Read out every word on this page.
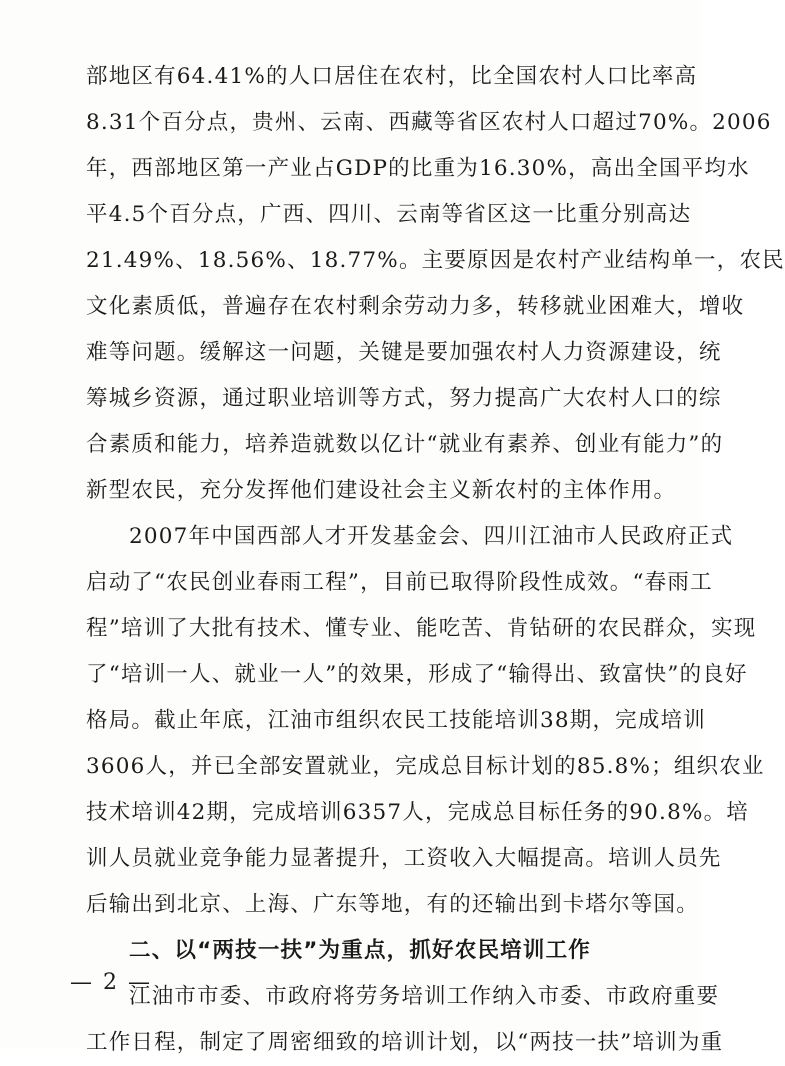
部地区有64.41%的人口居住在农村，比全国农村人口比率高
8.31个百分点，贵州、云南、西藏等省区农村人口超过70%。2006
年，西部地区第一产业占GDP的比重为16.30%，高出全国平均水
平4.5个百分点，广西、四川、云南等省区这一比重分别高达
21.49%、18.56%、18.77%。主要原因是农村产业结构单一，农民
文化素质低，普遍存在农村剩余劳动力多，转移就业困难大，增收
难等问题。缓解这一问题，关键是要加强农村人力资源建设，统
筹城乡资源，通过职业培训等方式，努力提高广大农村人口的综
合素质和能力，培养造就数以亿计“就业有素养、创业有能力”的
新型农民，充分发挥他们建设社会主义新农村的主体作用。
2007年中国西部人才开发基金会、四川江油市人民政府正式
启动了“农民创业春雨工程”，目前已取得阶段性成效。“春雨工
程”培训了大批有技术、懂专业、能吃苦、肯钻研的农民群众，实现
了“培训一人、就业一人”的效果，形成了“输得出、致富快”的良好
格局。截止年底，江油市组织农民工技能培训38期，完成培训
3606人，并已全部安置就业，完成总目标计划的85.8%；组织农业
技术培训42期，完成培训6357人，完成总目标任务的90.8%。培
训人员就业竞争能力显著提升，工资收入大幅提高。培训人员先
后输出到北京、上海、广东等地，有的还输出到卡塔尔等国。
二、以“两技一扶”为重点，抓好农民培训工作
江油市市委、市政府将劳务培训工作纳入市委、市政府重要
工作日程，制定了周密细致的培训计划，以“两技一扶”培训为重
— 2 —
